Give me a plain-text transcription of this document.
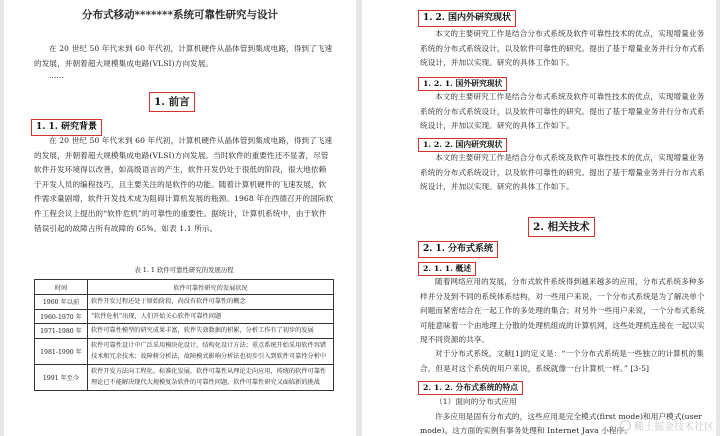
分布式移动*******系统可靠性研究与设计

在 20 世纪 50 年代末到 60 年代初，计算机硬件从晶体管到集成电路，得到了飞速的发展，并朝着超大规模集成电路(VLSI)方向发展。

......

1. 前言
1. 1. 研究背景

在 20 世纪 50 年代末到 60 年代初，计算机硬件从晶体管到集成电路，得到了飞速的发展，并朝着超大规模集成电路(VLSI)方向发展。当时软件的重要性还不显著，尽管软件开发环境得以改善，如高级语言的产生，软件开发仍处于很低的阶段，很大地依赖于开发人员的编程技巧，且主要关注的是软件的功能。随着计算机硬件的飞速发展，软件需求量剧增，软件开发技术成为阻碍计算机发展的瓶颈。1968 年在西德召开的国际软件工程会议上提出的“软件危机”的可靠性的重要性。据统计，计算机系统中，由于软件错误引起的故障占所有故障的 65%。如表 1.1 所示。

表 1. 1 软件可靠性研究的发展历程
时间	软件可靠性研究的发展状况
1960 年以前	软件开发过程还处于原始阶段，尚没有软件可靠性的概念
1960-1970 年	“软件危机”出现，人们开始关心软件可靠性问题
1971-1980 年	软件可靠性模型的研究成果丰富，软件失效数据的积累，分析工作有了初步的发展
1981-1990 年	软件可靠性设计中广泛采用模块化设计，结构化设计方法；重点系统开始采用软件容错技术和冗余技术；故障树分析法，故障模式影响分析法也初步引入到软件可靠性分析中
1991 年至今	软件开发方法向工程化、标准化发展，软件可靠性从理论走向应用，传统的软件可靠性理论已不能解决现代大规模复杂软件的可靠性问题，软件可靠性研究又面临新的挑战
1. 2. 国内外研究现状

本文的主要研究工作是结合分布式系统及软件可靠性技术的优点，实现增量业务系统的分布式系统设计，以及软件可靠性的研究。提出了基于增量业务并行分布式系统设计，并加以实现。研究的具体工作如下。

1. 2. 1. 国外研究现状

本文的主要研究工作是结合分布式系统及软件可靠性技术的优点，实现增量业务系统的分布式系统设计，以及软件可靠性的研究。提出了基于增量业务并行分布式系统设计，并加以实现。研究的具体工作如下。

1. 2. 2. 国内研究现状

本文的主要研究工作是结合分布式系统及软件可靠性技术的优点，实现增量业务系统的分布式系统设计，以及软件可靠性的研究。提出了基于增量业务并行分布式系统设计，并加以实现。研究的具体工作如下。

2. 相关技术
2. 1. 分布式系统
2. 1. 1. 概述

随着网络应用的发展，分布式软件系统得到越来越多的应用，分布式系统多种多样并分及到不同的系统体系结构，对一些用户来说，一个分布式系统是为了解决单个问题而紧密结合在一起工作的多处理的集合；对另外一些用户来说，一个分布式系统可能意味着一个由地理上分散的处理机组成的计算机网，这些处理机连接在一起以实现不同资源的共享。

对于分布式系统，文献[1]的定义是：“一个分布式系统是一些独立的计算机的集合，但是对这个系统的用户来说，系统就像一台计算机一样。” [3-5]

2. 1. 2. 分布式系统的特点

（1）面向的分布式应用

许多应用是固有分布式的，这些应用是完全模式(first mode)和用户模式(user mode)。这方面的实例有事务处理和 Internet Java 小程序。 稀土掘金技术社区
